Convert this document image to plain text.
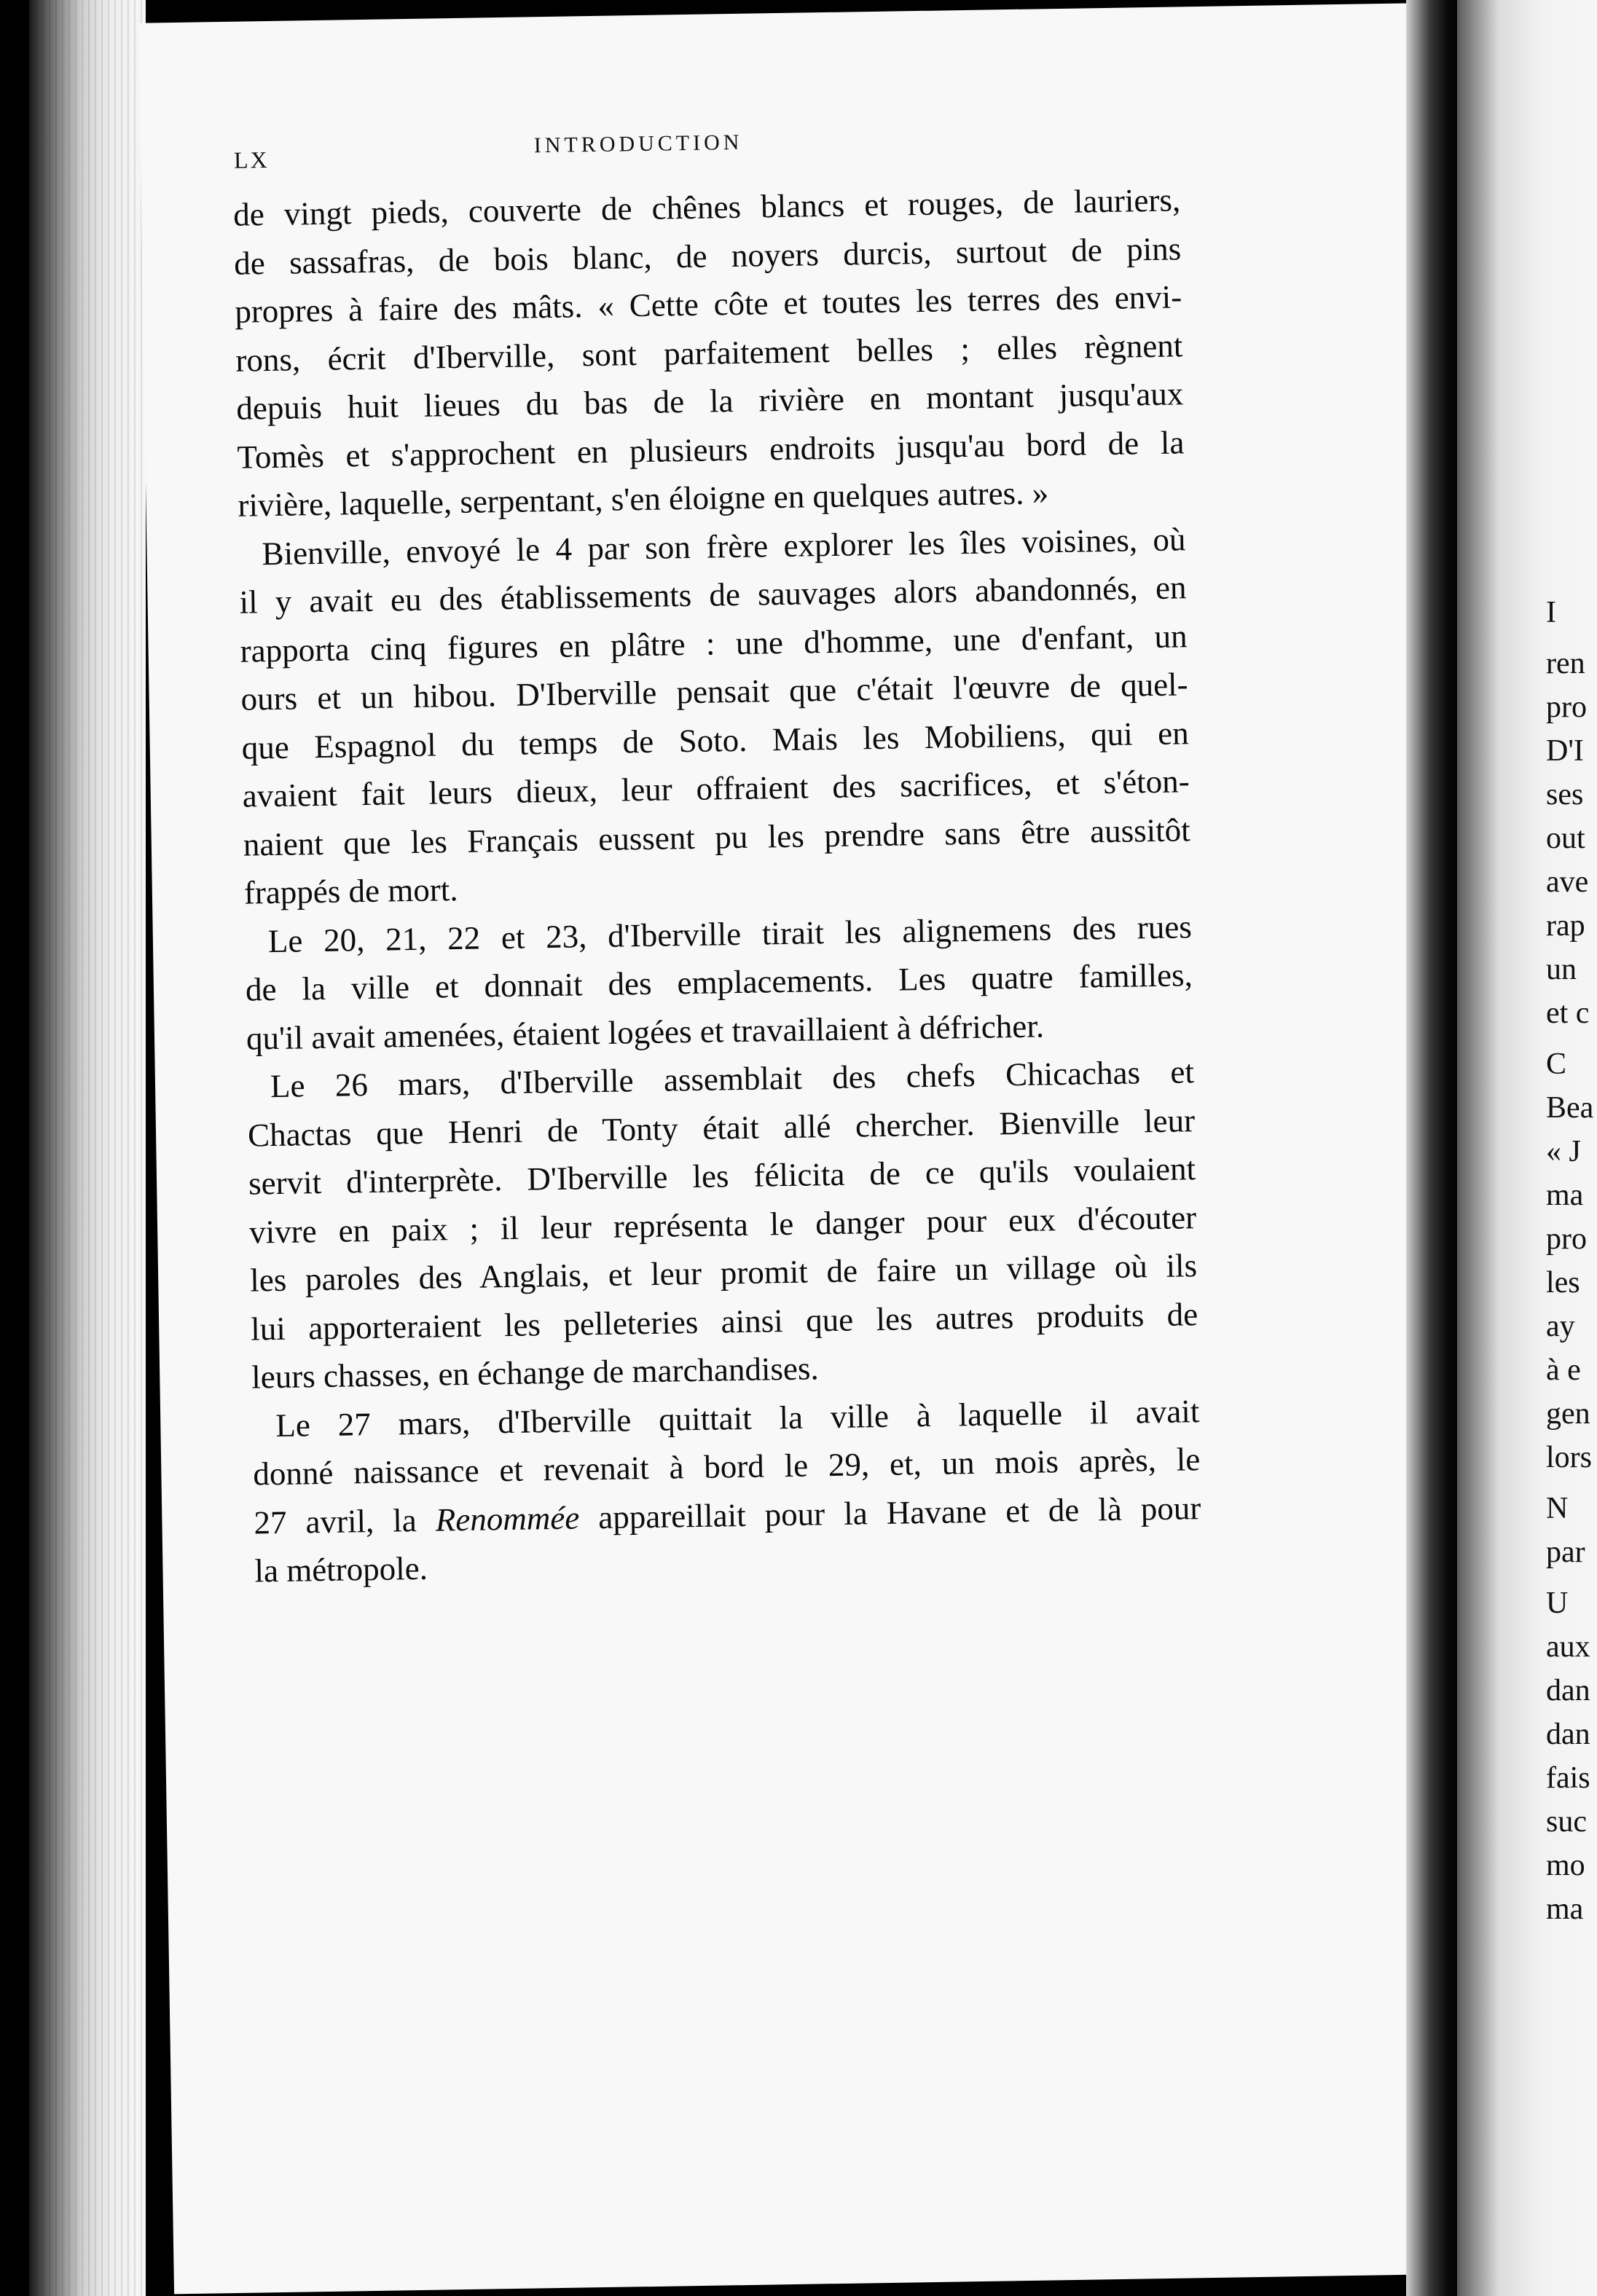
LX
INTRODUCTION
de vingt pieds, couverte de chênes blancs et rouges, de lauriers,
de sassafras, de bois blanc, de noyers durcis, surtout de pins
propres à faire des mâts. « Cette côte et toutes les terres des envi-
rons, écrit d'Iberville, sont parfaitement belles ; elles règnent
depuis huit lieues du bas de la rivière en montant jusqu'aux
Tomès et s'approchent en plusieurs endroits jusqu'au bord de la
rivière, laquelle, serpentant, s'en éloigne en quelques autres. »
Bienville, envoyé le 4 par son frère explorer les îles voisines, où
il y avait eu des établissements de sauvages alors abandonnés, en
rapporta cinq figures en plâtre : une d'homme, une d'enfant, un
ours et un hibou. D'Iberville pensait que c'était l'œuvre de quel-
que Espagnol du temps de Soto. Mais les Mobiliens, qui en
avaient fait leurs dieux, leur offraient des sacrifices, et s'éton-
naient que les Français eussent pu les prendre sans être aussitôt
frappés de mort.
Le 20, 21, 22 et 23, d'Iberville tirait les alignemens des rues
de la ville et donnait des emplacements. Les quatre familles,
qu'il avait amenées, étaient logées et travaillaient à défricher.
Le 26 mars, d'Iberville assemblait des chefs Chicachas et
Chactas que Henri de Tonty était allé chercher. Bienville leur
servit d'interprète. D'Iberville les félicita de ce qu'ils voulaient
vivre en paix ; il leur représenta le danger pour eux d'écouter
les paroles des Anglais, et leur promit de faire un village où ils
lui apporteraient les pelleteries ainsi que les autres produits de
leurs chasses, en échange de marchandises.
Le 27 mars, d'Iberville quittait la ville à laquelle il avait
donné naissance et revenait à bord le 29, et, un mois après, le
27 avril, la Renommée appareillait pour la Havane et de là pour
la métropole.
I
ren
pro
D'I
ses
out
ave
rap
un
et c
C
Bea
« J
ma
pro
les
ay
à e
gen
lors
N
par
U
aux
dan
dan
fais
suc
mo
ma
